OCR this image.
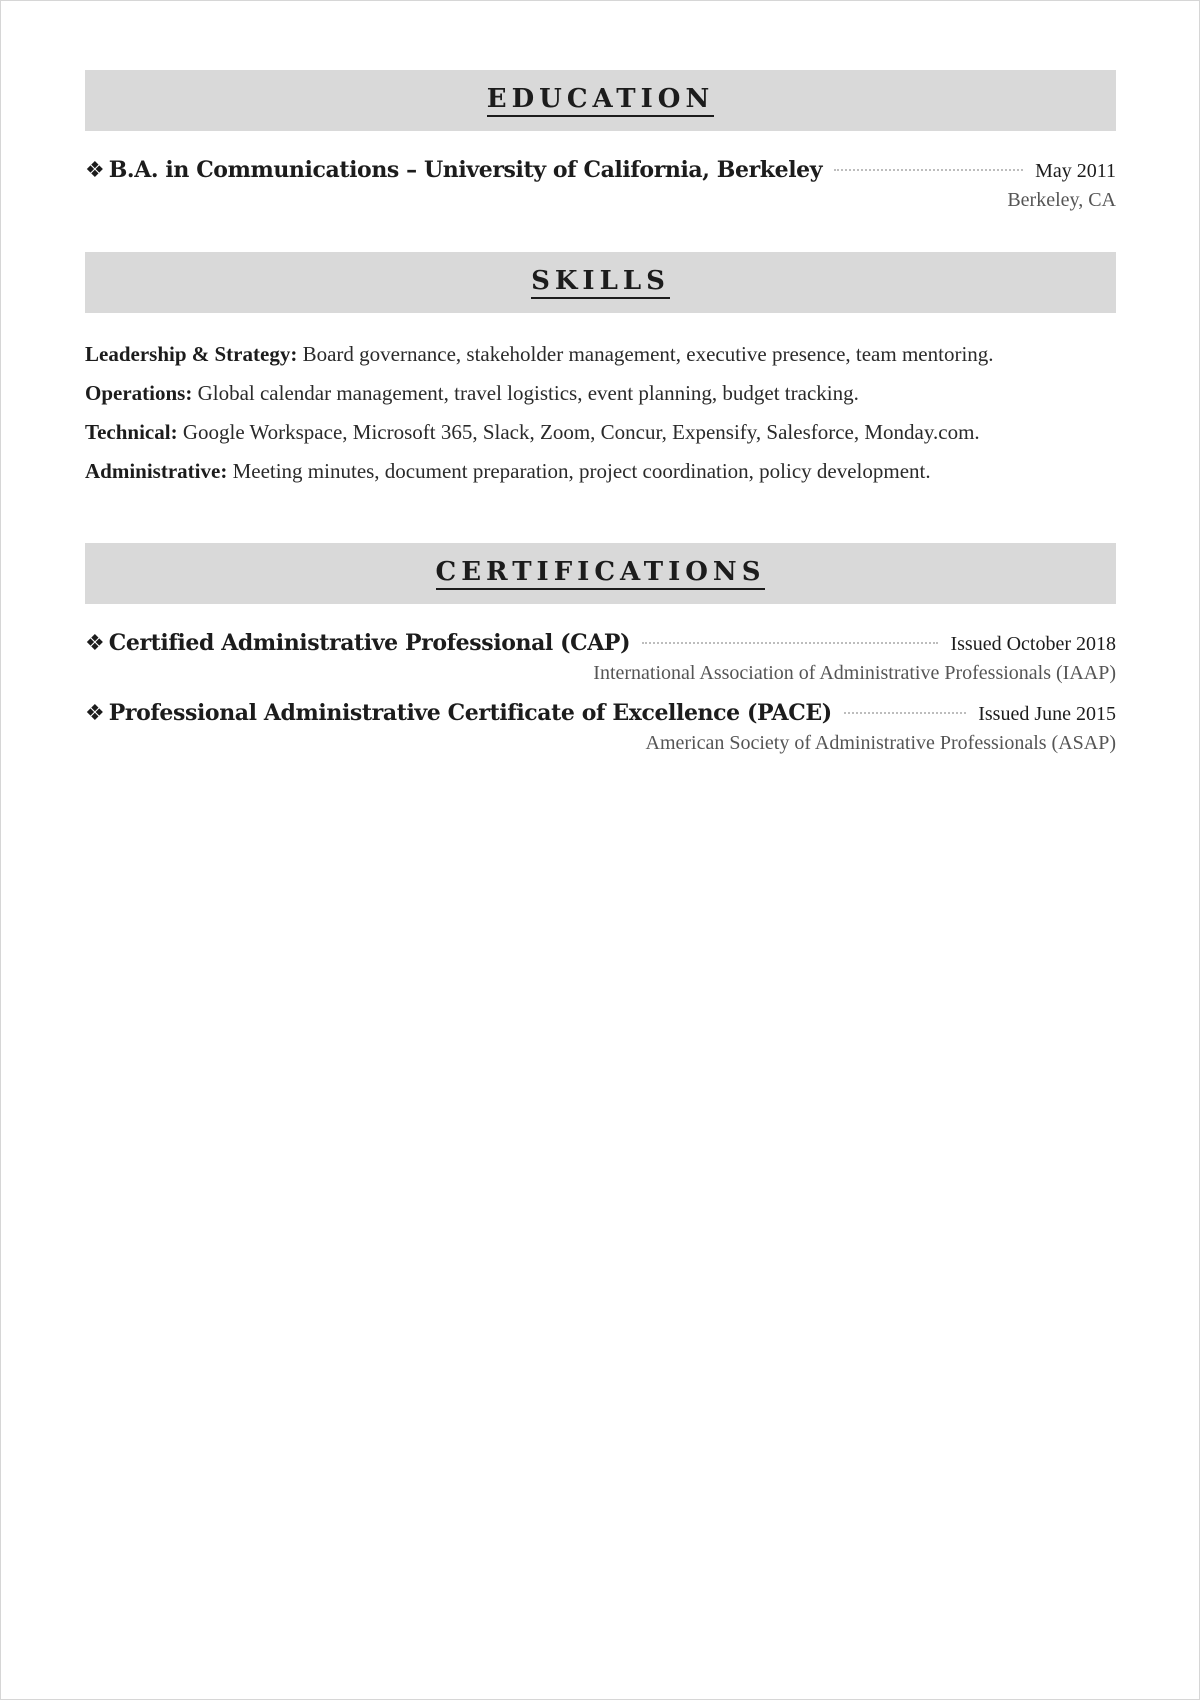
EDUCATION
❖ B.A. in Communications – University of California, Berkeley	May 2011
Berkeley, CA
SKILLS
Leadership & Strategy: Board governance, stakeholder management, executive presence, team mentoring.
Operations: Global calendar management, travel logistics, event planning, budget tracking.
Technical: Google Workspace, Microsoft 365, Slack, Zoom, Concur, Expensify, Salesforce, Monday.com.
Administrative: Meeting minutes, document preparation, project coordination, policy development.
CERTIFICATIONS
❖ Certified Administrative Professional (CAP)	Issued October 2018
International Association of Administrative Professionals (IAAP)
❖ Professional Administrative Certificate of Excellence (PACE)	Issued June 2015
American Society of Administrative Professionals (ASAP)
